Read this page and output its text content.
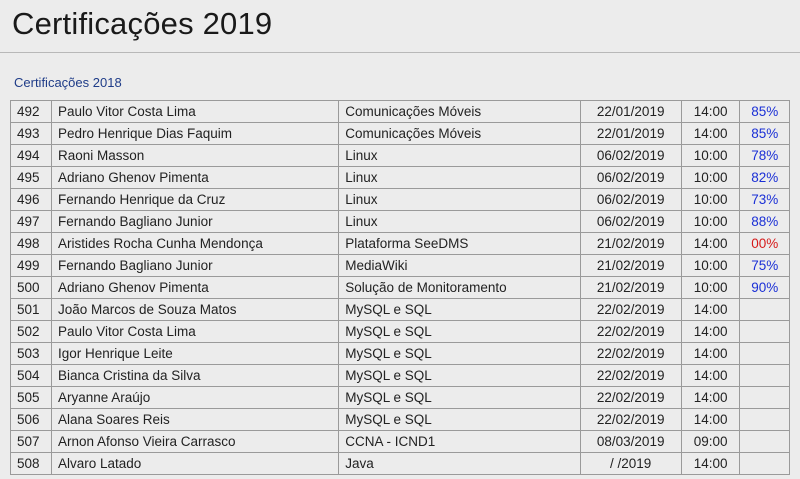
Certificações 2019
Certificações 2018
492	Paulo Vitor Costa Lima	Comunicações Móveis	22/01/2019	14:00	85%
493	Pedro Henrique Dias Faquim	Comunicações Móveis	22/01/2019	14:00	85%
494	Raoni Masson	Linux	06/02/2019	10:00	78%
495	Adriano Ghenov Pimenta	Linux	06/02/2019	10:00	82%
496	Fernando Henrique da Cruz	Linux	06/02/2019	10:00	73%
497	Fernando Bagliano Junior	Linux	06/02/2019	10:00	88%
498	Aristides Rocha Cunha Mendonça	Plataforma SeeDMS	21/02/2019	14:00	00%
499	Fernando Bagliano Junior	MediaWiki	21/02/2019	10:00	75%
500	Adriano Ghenov Pimenta	Solução de Monitoramento	21/02/2019	10:00	90%
501	João Marcos de Souza Matos	MySQL e SQL	22/02/2019	14:00	
502	Paulo Vitor Costa Lima	MySQL e SQL	22/02/2019	14:00	
503	Igor Henrique Leite	MySQL e SQL	22/02/2019	14:00	
504	Bianca Cristina da Silva	MySQL e SQL	22/02/2019	14:00	
505	Aryanne Araújo	MySQL e SQL	22/02/2019	14:00	
506	Alana Soares Reis	MySQL e SQL	22/02/2019	14:00	
507	Arnon Afonso Vieira Carrasco	CCNA - ICND1	08/03/2019	09:00	
508	Alvaro Latado	Java	/ /2019	14:00	
